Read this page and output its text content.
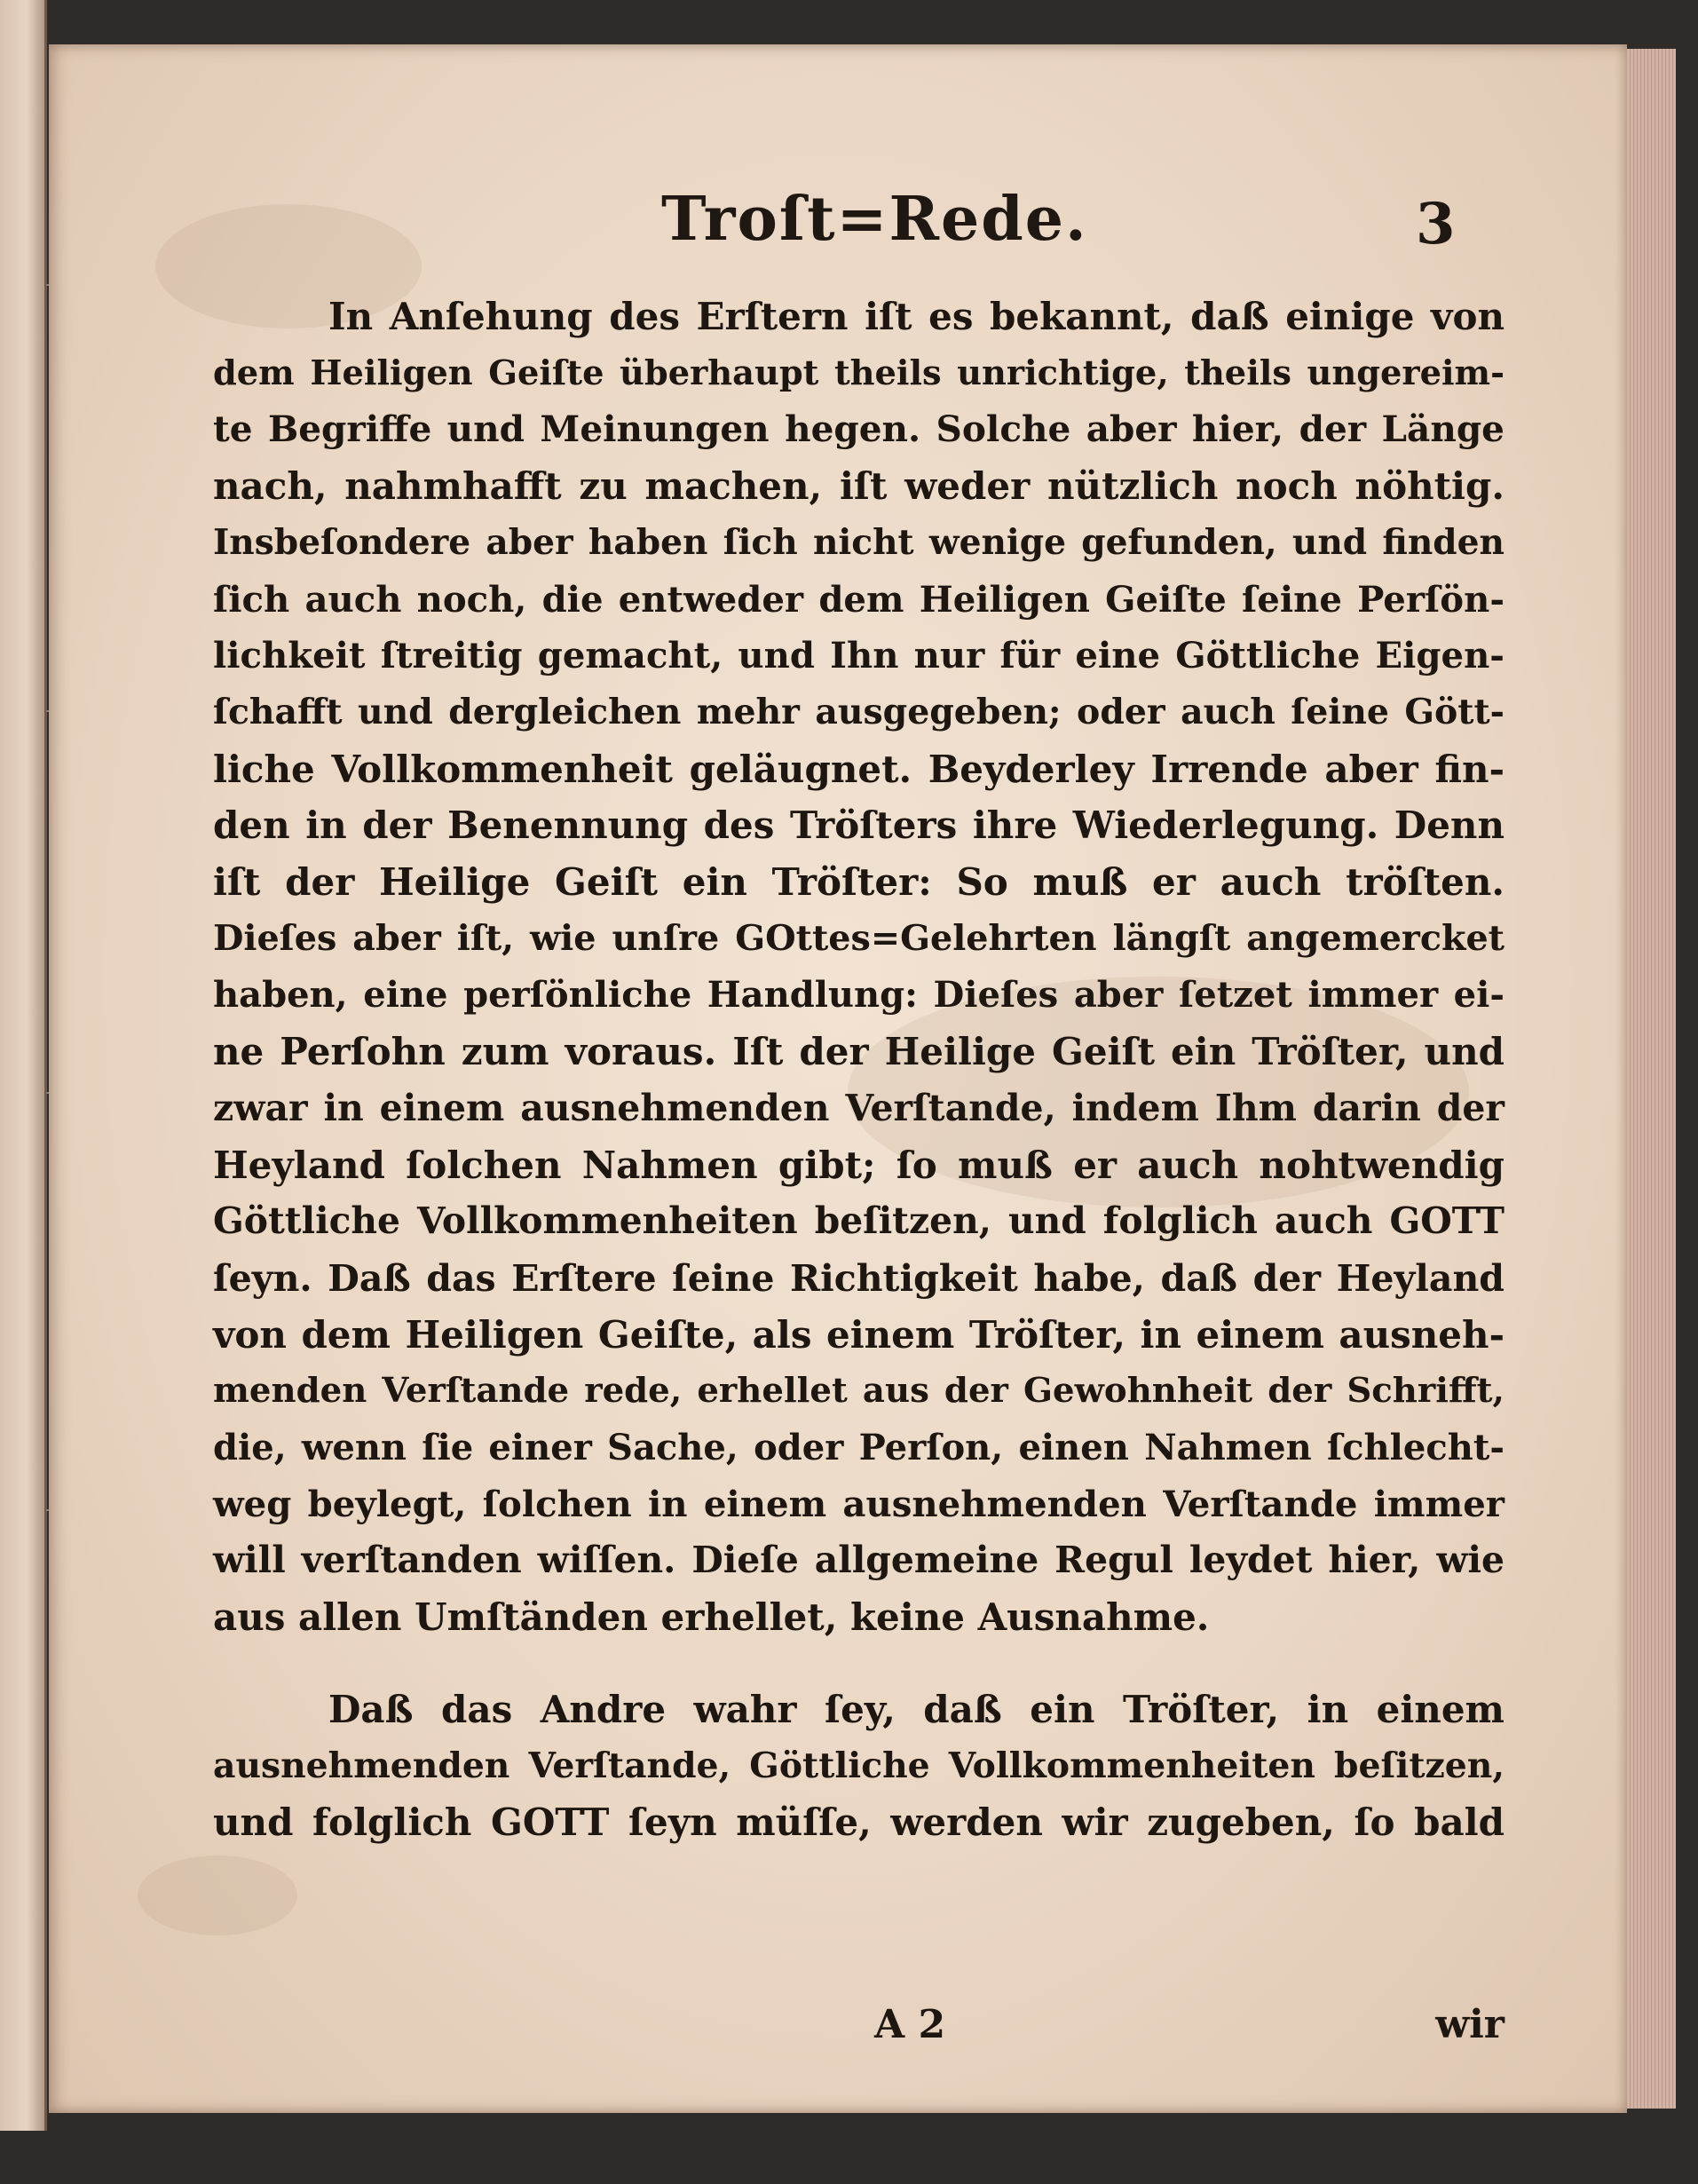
Troſt=Rede.	3

In Anſehung des Erſtern iſt es bekannt, daß einige von
dem Heiligen Geiſte überhaupt theils unrichtige, theils ungereim-
te Begriffe und Meinungen hegen. Solche aber hier, der Länge
nach, nahmhafft zu machen, iſt weder nützlich noch nöhtig.
Insbeſondere aber haben ſich nicht wenige gefunden, und finden
ſich auch noch, die entweder dem Heiligen Geiſte ſeine Perſön-
lichkeit ſtreitig gemacht, und Ihn nur für eine Göttliche Eigen-
ſchafft und dergleichen mehr ausgegeben; oder auch ſeine Gött-
liche Vollkommenheit geläugnet. Beyderley Irrende aber fin-
den in der Benennung des Tröſters ihre Wiederlegung. Denn
iſt der Heilige Geiſt ein Tröſter: So muß er auch tröſten.
Dieſes aber iſt, wie unſre GOttes=Gelehrten längſt angemercket
haben, eine perſönliche Handlung: Dieſes aber ſetzet immer ei-
ne Perſohn zum voraus. Iſt der Heilige Geiſt ein Tröſter, und
zwar in einem ausnehmenden Verſtande, indem Ihm darin der
Heyland ſolchen Nahmen gibt; ſo muß er auch nohtwendig
Göttliche Vollkommenheiten beſitzen, und folglich auch GOTT
ſeyn. Daß das Erſtere ſeine Richtigkeit habe, daß der Heyland
von dem Heiligen Geiſte, als einem Tröſter, in einem ausneh-
menden Verſtande rede, erhellet aus der Gewohnheit der Schrifft,
die, wenn ſie einer Sache, oder Perſon, einen Nahmen ſchlecht-
weg beylegt, ſolchen in einem ausnehmenden Verſtande immer
will verſtanden wiſſen. Dieſe allgemeine Regul leydet hier, wie
aus allen Umſtänden erhellet, keine Ausnahme.

Daß das Andre wahr ſey, daß ein Tröſter, in einem
ausnehmenden Verſtande, Göttliche Vollkommenheiten beſitzen,
und folglich GOTT ſeyn müſſe, werden wir zugeben, ſo bald

A 2	wir
